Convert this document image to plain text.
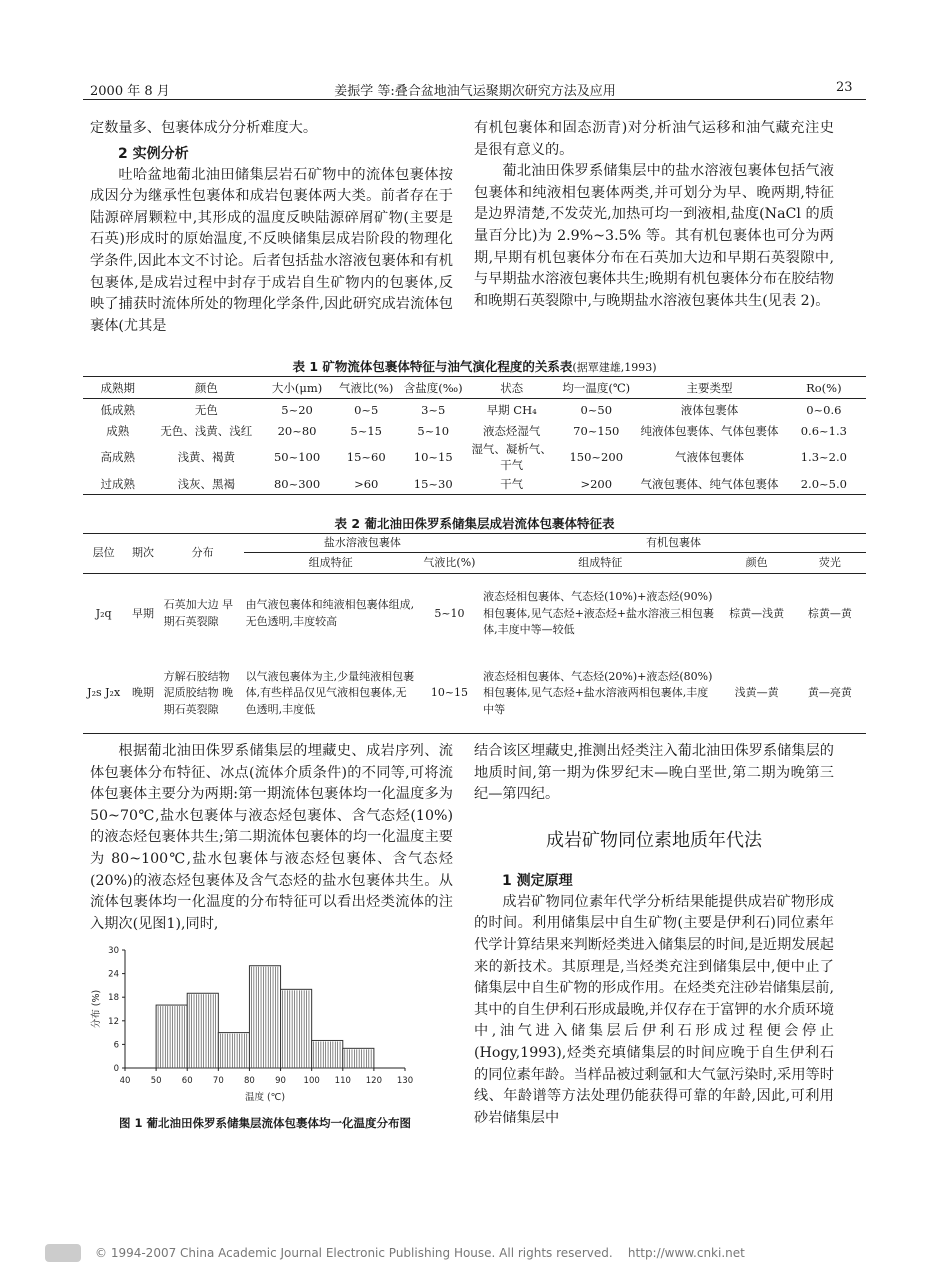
2000 年 8 月	姜振学 等:叠合盆地油气运聚期次研究方法及应用	23

定数量多、包裹体成分分析难度大。

2 实例分析

吐哈盆地葡北油田储集层岩石矿物中的流体包裹体按成因分为继承性包裹体和成岩包裹体两大类。前者存在于陆源碎屑颗粒中,其形成的温度反映陆源碎屑矿物(主要是石英)形成时的原始温度,不反映储集层成岩阶段的物理化学条件,因此本文不讨论。后者包括盐水溶液包裹体和有机包裹体,是成岩过程中封存于成岩自生矿物内的包裹体,反映了捕获时流体所处的物理化学条件,因此研究成岩流体包裹体(尤其是

有机包裹体和固态沥青)对分析油气运移和油气藏充注史是很有意义的。

葡北油田侏罗系储集层中的盐水溶液包裹体包括气液包裹体和纯液相包裹体两类,并可划分为早、晚两期,特征是边界清楚,不发荧光,加热可均一到液相,盐度(NaCl 的质量百分比)为 2.9%~3.5% 等。其有机包裹体也可分为两期,早期有机包裹体分布在石英加大边和早期石英裂隙中,与早期盐水溶液包裹体共生;晚期有机包裹体分布在胶结物和晚期石英裂隙中,与晚期盐水溶液包裹体共生(见表 2)。

表 1 矿物流体包裹体特征与油气演化程度的关系表(据覃建雄,1993)
成熟期	颜色	大小(μm)	气液比(%)	含盐度(‰)	状态	均一温度(℃)	主要类型	Ro(%)
低成熟	无色	5~20	0~5	3~5	早期 CH₄	0~50	液体包裹体	0~0.6
成熟	无色、浅黄、浅红	20~80	5~15	5~10	液态烃湿气	70~150	纯液体包裹体、气体包裹体	0.6~1.3
高成熟	浅黄、褐黄	50~100	15~60	10~15	湿气、凝析气、干气	150~200	气液体包裹体	1.3~2.0
过成熟	浅灰、黑褐	80~300	>60	15~30	干气	>200	气液包裹体、纯气体包裹体	2.0~5.0
表 2 葡北油田侏罗系储集层成岩流体包裹体特征表
层位	期次	分布	盐水溶液包裹体		有机包裹体		
			组成特征	气液比(%)	组成特征	颜色	荧光
J₂q	早期	石英加大边 早期石英裂隙	由气液包裹体和纯液相包裹体组成,无色透明,丰度较高	5~10	液态烃相包裹体、气态烃(10%)+液态烃(90%)相包裹体,见气态烃+液态烃+盐水溶液三相包裹体,丰度中等—较低	棕黄—浅黄	棕黄—黄
J₂s J₂x	晚期	方解石胶结物 泥质胶结物 晚期石英裂隙	以气液包裹体为主,少量纯液相包裹体,有些样品仅见气液相包裹体,无色透明,丰度低	10~15	液态烃相包裹体、气态烃(20%)+液态烃(80%)相包裹体,见气态烃+盐水溶液两相包裹体,丰度中等	浅黄—黄	黄—亮黄

根据葡北油田侏罗系储集层的埋藏史、成岩序列、流体包裹体分布特征、冰点(流体介质条件)的不同等,可将流体包裹体主要分为两期:第一期流体包裹体均一化温度多为 50~70℃,盐水包裹体与液态烃包裹体、含气态烃(10%)的液态烃包裹体共生;第二期流体包裹体的均一化温度主要为 80~100℃,盐水包裹体与液态烃包裹体、含气态烃(20%)的液态烃包裹体及含气态烃的盐水包裹体共生。从流体包裹体均一化温度的分布特征可以看出烃类流体的注入期次(见图1),同时,

40 50 60 70 80 90 100 110 120 130
0
6
12
18
24
30
温度 (℃)
分布 (%)
图 1 葡北油田侏罗系储集层流体包裹体均一化温度分布图

结合该区埋藏史,推测出烃类注入葡北油田侏罗系储集层的地质时间,第一期为侏罗纪末—晚白垩世,第二期为晚第三纪—第四纪。

成岩矿物同位素地质年代法

1 测定原理

成岩矿物同位素年代学分析结果能提供成岩矿物形成的时间。利用储集层中自生矿物(主要是伊利石)同位素年代学计算结果来判断烃类进入储集层的时间,是近期发展起来的新技术。其原理是,当烃类充注到储集层中,便中止了储集层中自生矿物的形成作用。在烃类充注砂岩储集层前,其中的自生伊利石形成最晚,并仅存在于富钾的水介质环境中,油气进入储集层后伊利石形成过程便会停止(Hogy,1993),烃类充填储集层的时间应晚于自生伊利石的同位素年龄。当样品被过剩氩和大气氩污染时,采用等时线、年龄谱等方法处理仍能获得可靠的年龄,因此,可利用砂岩储集层中

© 1994-2007 China Academic Journal Electronic Publishing House. All rights reserved.    http://www.cnki.net
